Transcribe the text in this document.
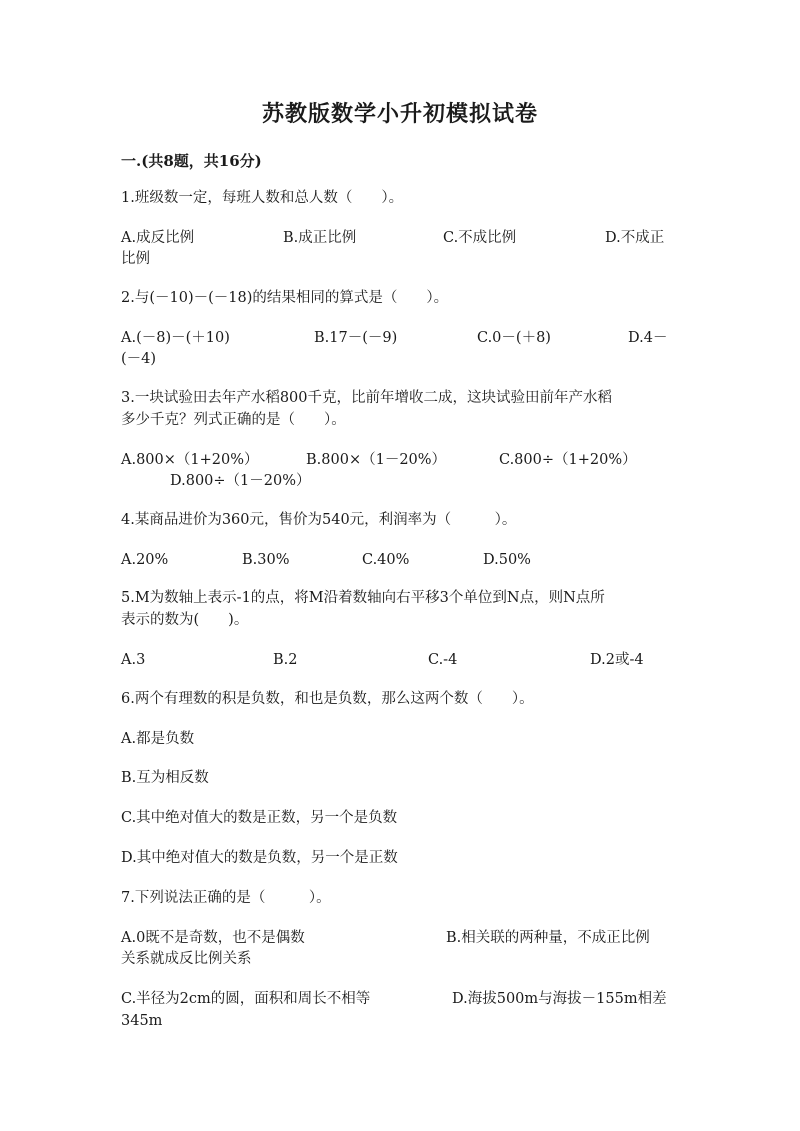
苏教版数学小升初模拟试卷
一.(共8题，共16分)
1.班级数一定，每班人数和总人数（　　）。
A.成反比例	B.成正比例	C.不成比例	D.不成正
比例
2.与(－10)－(－18)的结果相同的算式是（　　）。
A.(－8)－(＋10)	B.17－(－9)	C.0－(＋8)	D.4－
(－4)
3.一块试验田去年产水稻800千克，比前年增收二成，这块试验田前年产水稻
多少千克？列式正确的是（　　）。
A.800×（1+20%）	B.800×（1－20%）	C.800÷（1+20%）
D.800÷（1－20%）
4.某商品进价为360元，售价为540元，利润率为（　　　）。
A.20%	B.30%	C.40%	D.50%
5.M为数轴上表示-1的点，将M沿着数轴向右平移3个单位到N点，则N点所
表示的数为(　　)。
A.3	B.2	C.-4	D.2或-4
6.两个有理数的积是负数，和也是负数，那么这两个数（　　）。
A.都是负数
B.互为相反数
C.其中绝对值大的数是正数，另一个是负数
D.其中绝对值大的数是负数，另一个是正数
7.下列说法正确的是（　　　）。
A.0既不是奇数，也不是偶数	B.相关联的两种量，不成正比例
关系就成反比例关系
C.半径为2cm的圆，面积和周长不相等	D.海拔500m与海拔－155m相差
345m
